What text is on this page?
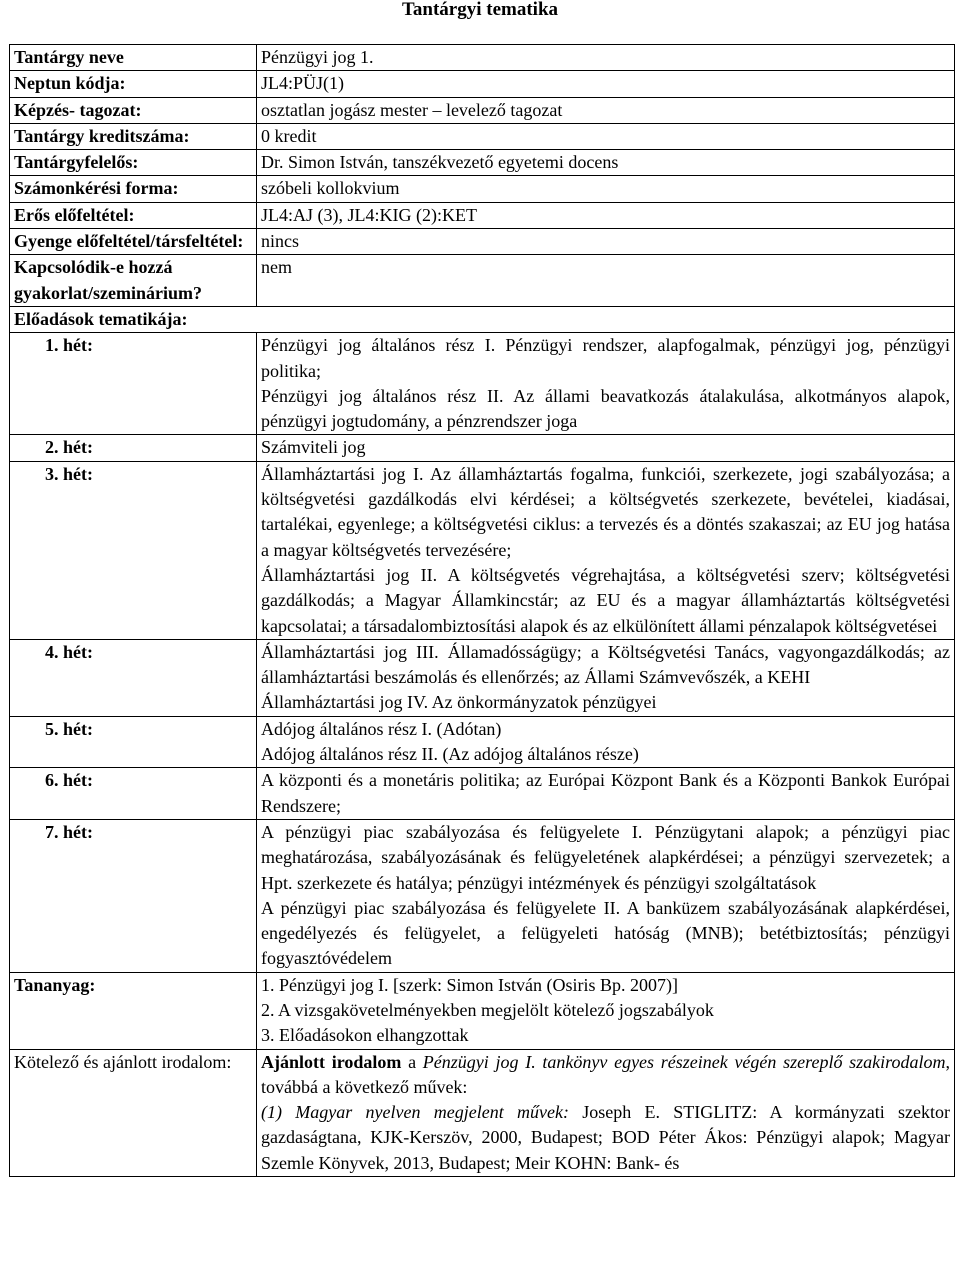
Tantárgyi tematika
Tantárgy neve	Pénzügyi jog 1.
Neptun kódja:	JL4:PÜJ(1)
Képzés- tagozat:	osztatlan jogász mester – levelező tagozat
Tantárgy kreditszáma:	0 kredit
Tantárgyfelelős:	Dr. Simon István, tanszékvezető egyetemi docens
Számonkérési forma:	szóbeli kollokvium
Erős előfeltétel:	JL4:AJ (3), JL4:KIG (2):KET
Gyenge előfeltétel/társfeltétel:	nincs
Kapcsolódik-e hozzá gyakorlat/szeminárium?	nem
Előadások tematikája:	
1. hét:	Pénzügyi jog általános rész I. Pénzügyi rendszer, alapfogalmak, pénzügyi jog, pénzügyi politika;
Pénzügyi jog általános rész II. Az állami beavatkozás átalakulása, alkotmányos alapok, pénzügyi jogtudomány, a pénzrendszer joga

2. hét:	Számviteli jog

3. hét:	Államháztartási jog I. Az államháztartás fogalma, funkciói, szerkezete, jogi szabályozása; a költségvetési gazdálkodás elvi kérdései; a költségvetés szerkezete, bevételei, kiadásai, tartalékai, egyenlege; a költségvetési ciklus: a tervezés és a döntés szakaszai; az EU jog hatása a magyar költségvetés tervezésére;
Államháztartási jog II. A költségvetés végrehajtása, a költségvetési szerv; költségvetési gazdálkodás; a Magyar Államkincstár; az EU és a magyar államháztartás költségvetési kapcsolatai; a társadalombiztosítási alapok és az elkülönített állami pénzalapok költségvetései

4. hét:	Államháztartási jog III. Államadósságügy; a Költségvetési Tanács, vagyongazdálkodás; az államháztartási beszámolás és ellenőrzés; az Állami Számvevőszék, a KEHI
Államháztartási jog IV. Az önkormányzatok pénzügyei

5. hét:	Adójog általános rész I. (Adótan)
Adójog általános rész II. (Az adójog általános része)

6. hét:	A központi és a monetáris politika; az Európai Központ Bank és a Központi Bankok Európai Rendszere;

7. hét:	A pénzügyi piac szabályozása és felügyelete I. Pénzügytani alapok; a pénzügyi piac meghatározása, szabályozásának és felügyeletének alapkérdései; a pénzügyi szervezetek; a Hpt. szerkezete és hatálya; pénzügyi intézmények és pénzügyi szolgáltatások
A pénzügyi piac szabályozása és felügyelete II. A banküzem szabályozásának alapkérdései, engedélyezés és felügyelet, a felügyeleti hatóság (MNB); betétbiztosítás; pénzügyi fogyasztóvédelem

Tananyag:	1. Pénzügyi jog I. [szerk: Simon István (Osiris Bp. 2007)]
2. A vizsgakövetelményekben megjelölt kötelező jogszabályok
3. Előadásokon elhangzottak

Kötelező és ajánlott irodalom:	Ajánlott irodalom a Pénzügyi jog I. tankönyv egyes részeinek végén szereplő szakirodalom, továbbá a következő művek:
(1) Magyar nyelven megjelent művek: Joseph E. STIGLITZ: A kormányzati szektor gazdaságtana, KJK-Kerszöv, 2000, Budapest; BOD Péter Ákos: Pénzügyi alapok; Magyar Szemle Könyvek, 2013, Budapest; Meir KOHN: Bank- és
